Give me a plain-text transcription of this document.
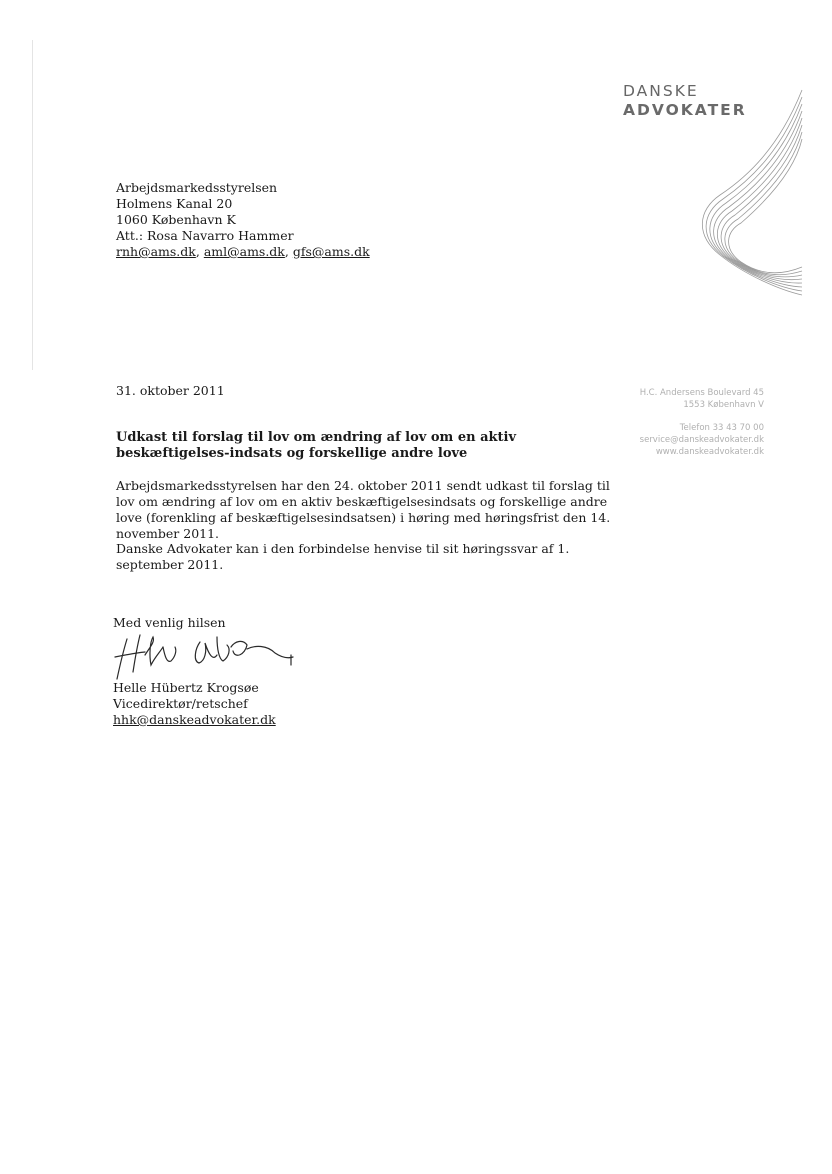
DANSKE
ADVOKATER
Arbejdsmarkedsstyrelsen
Holmens Kanal 20
1060 København K
Att.: Rosa Navarro Hammer
rnh@ams.dk, aml@ams.dk, gfs@ams.dk
31. oktober 2011	H.C. Andersens Boulevard 45
1553 København V
Telefon 33 43 70 00
service@danskeadvokater.dk
www.danskeadvokater.dk
Udkast til forslag til lov om ændring af lov om en aktiv beskæftigelses-indsats og forskellige andre love
Arbejdsmarkedsstyrelsen har den 24. oktober 2011 sendt udkast til forslag til lov om ændring af lov om en aktiv beskæftigelsesindsats og forskellige andre love (forenkling af beskæftigelsesindsatsen) i høring med høringsfrist den 14. november 2011.
Danske Advokater kan i den forbindelse henvise til sit høringssvar af 1. september 2011.
Med venlig hilsen
Helle Hübertz Krogsøe
Vicedirektør/retschef
hhk@danskeadvokater.dk
